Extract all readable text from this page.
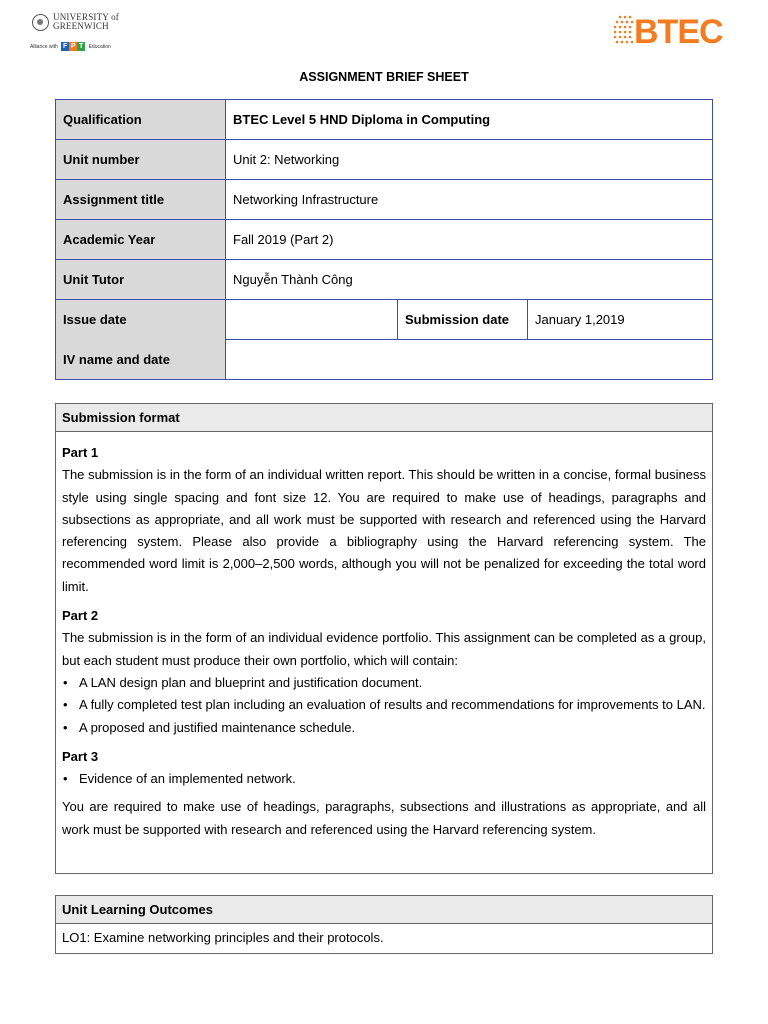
UNIVERSITY of
GREENWICH
Alliance with F P T Education	BTEC
ASSIGNMENT BRIEF SHEET
Qualification	BTEC Level 5 HND Diploma in Computing		
Unit number	Unit 2: Networking		
Assignment title	Networking Infrastructure		
Academic Year	Fall 2019 (Part 2)		
Unit Tutor	Nguyễn Thành Công		
Issue date		Submission date	January 1,2019
IV name and date			
Submission format

Part 1

The submission is in the form of an individual written report. This should be written in a concise, formal business style using single spacing and font size 12. You are required to make use of headings, paragraphs and subsections as appropriate, and all work must be supported with research and referenced using the Harvard referencing system. Please also provide a bibliography using the Harvard referencing system. The recommended word limit is 2,000–2,500 words, although you will not be penalized for exceeding the total word limit.

Part 2

The submission is in the form of an individual evidence portfolio. This assignment can be completed as a group, but each student must produce their own portfolio, which will contain:

• A LAN design plan and blueprint and justification document.
• A fully completed test plan including an evaluation of results and recommendations for improvements to LAN.
• A proposed and justified maintenance schedule.

Part 3

• Evidence of an implemented network.

You are required to make use of headings, paragraphs, subsections and illustrations as appropriate, and all work must be supported with research and referenced using the Harvard referencing system.

Unit Learning Outcomes
LO1: Examine networking principles and their protocols.
